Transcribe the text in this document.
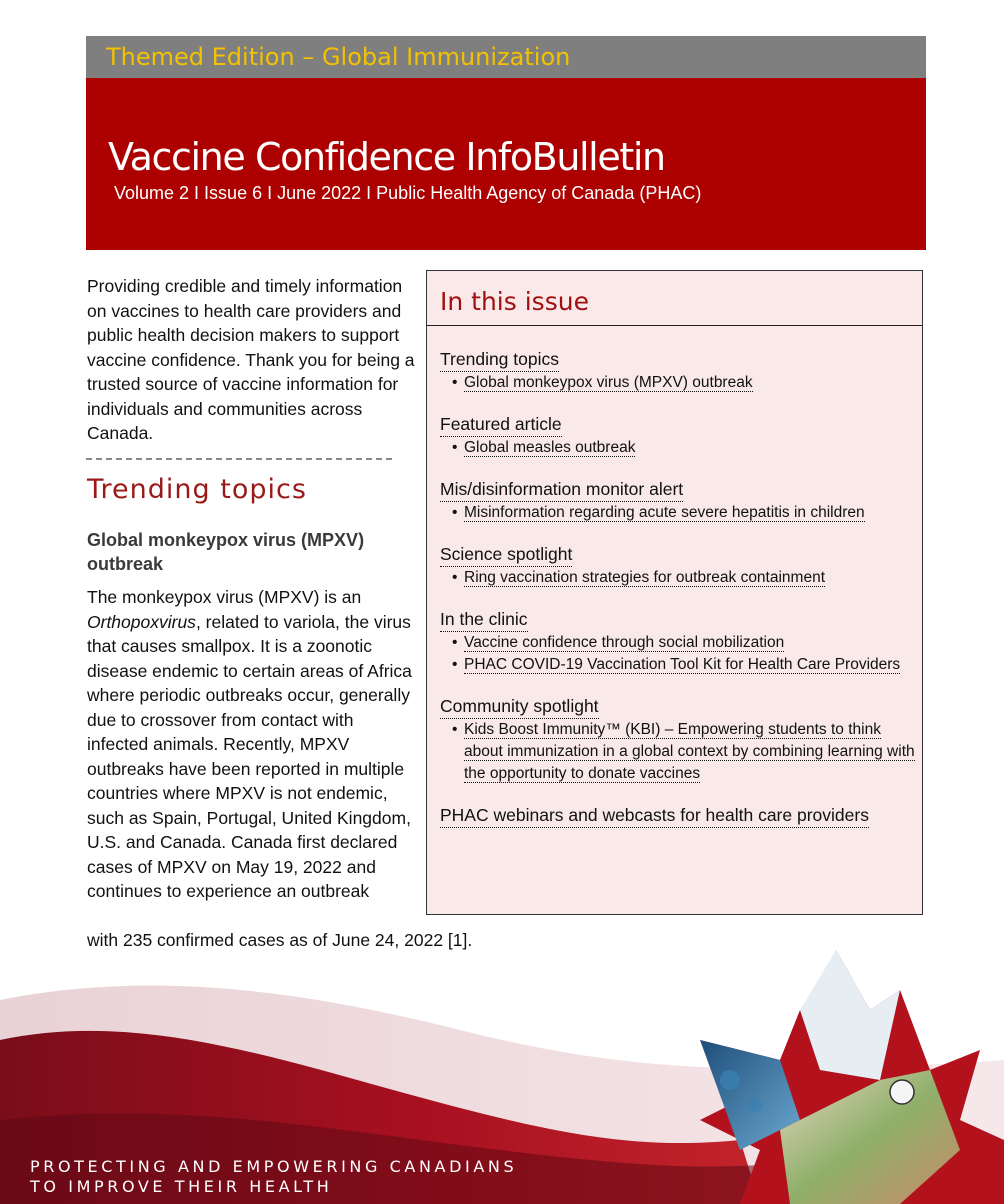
Themed Edition – Global Immunization
Vaccine Confidence InfoBulletin
Volume 2 I Issue 6 I June 2022 I Public Health Agency of Canada (PHAC)
Providing credible and timely information on vaccines to health care providers and public health decision makers to support vaccine confidence. Thank you for being a trusted source of vaccine information for individuals and communities across Canada.
Trending topics
Global monkeypox virus (MPXV) outbreak
The monkeypox virus (MPXV) is an Orthopoxvirus, related to variola, the virus that causes smallpox. It is a zoonotic disease endemic to certain areas of Africa where periodic outbreaks occur, generally due to crossover from contact with infected animals. Recently, MPXV outbreaks have been reported in multiple countries where MPXV is not endemic, such as Spain, Portugal, United Kingdom, U.S. and Canada. Canada first declared cases of MPXV on May 19, 2022 and continues to experience an outbreak
with 235 confirmed cases as of June 24, 2022 [1].
In this issue
Trending topics
• Global monkeypox virus (MPXV) outbreak
Featured article
• Global measles outbreak
Mis/disinformation monitor alert
• Misinformation regarding acute severe hepatitis in children
Science spotlight
• Ring vaccination strategies for outbreak containment
In the clinic
• Vaccine confidence through social mobilization
• PHAC COVID-19 Vaccination Tool Kit for Health Care Providers
Community spotlight
• Kids Boost Immunity™ (KBI) – Empowering students to think about immunization in a global context by combining learning with the opportunity to donate vaccines
PHAC webinars and webcasts for health care providers
PROTECTING AND EMPOWERING CANADIANS
TO IMPROVE THEIR HEALTH
